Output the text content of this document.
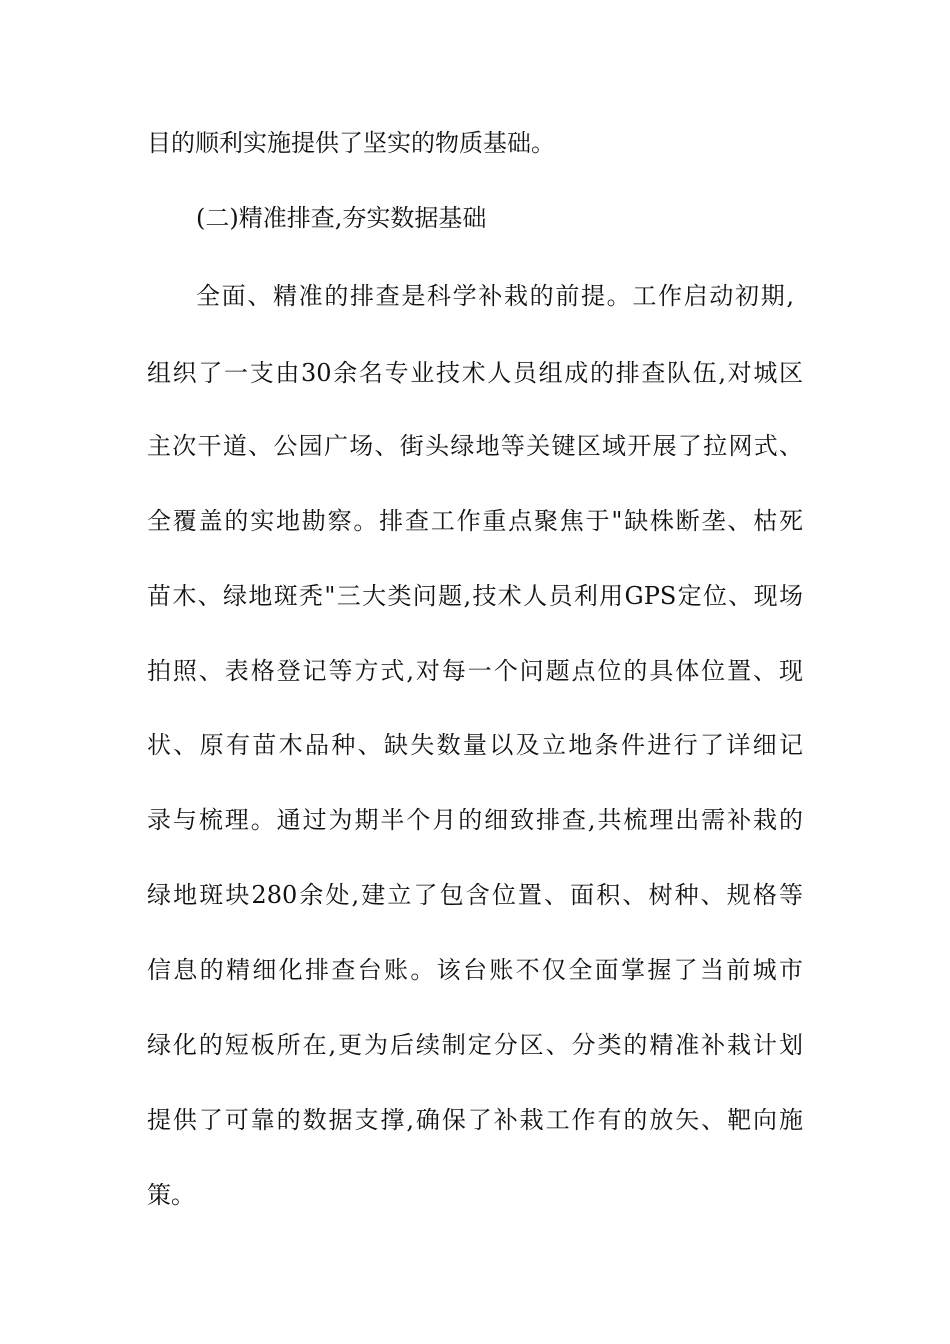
目的顺利实施提供了坚实的物质基础。
(二)精准排查,夯实数据基础
全面、精准的排查是科学补栽的前提。工作启动初期,
组织了一支由30余名专业技术人员组成的排查队伍,对城区
主次干道、公园广场、街头绿地等关键区域开展了拉网式、
全覆盖的实地勘察。排查工作重点聚焦于"缺株断垄、枯死
苗木、绿地斑秃"三大类问题,技术人员利用GPS定位、现场
拍照、表格登记等方式,对每一个问题点位的具体位置、现
状、原有苗木品种、缺失数量以及立地条件进行了详细记
录与梳理。通过为期半个月的细致排查,共梳理出需补栽的
绿地斑块280余处,建立了包含位置、面积、树种、规格等
信息的精细化排查台账。该台账不仅全面掌握了当前城市
绿化的短板所在,更为后续制定分区、分类的精准补栽计划
提供了可靠的数据支撑,确保了补栽工作有的放矢、靶向施
策。
